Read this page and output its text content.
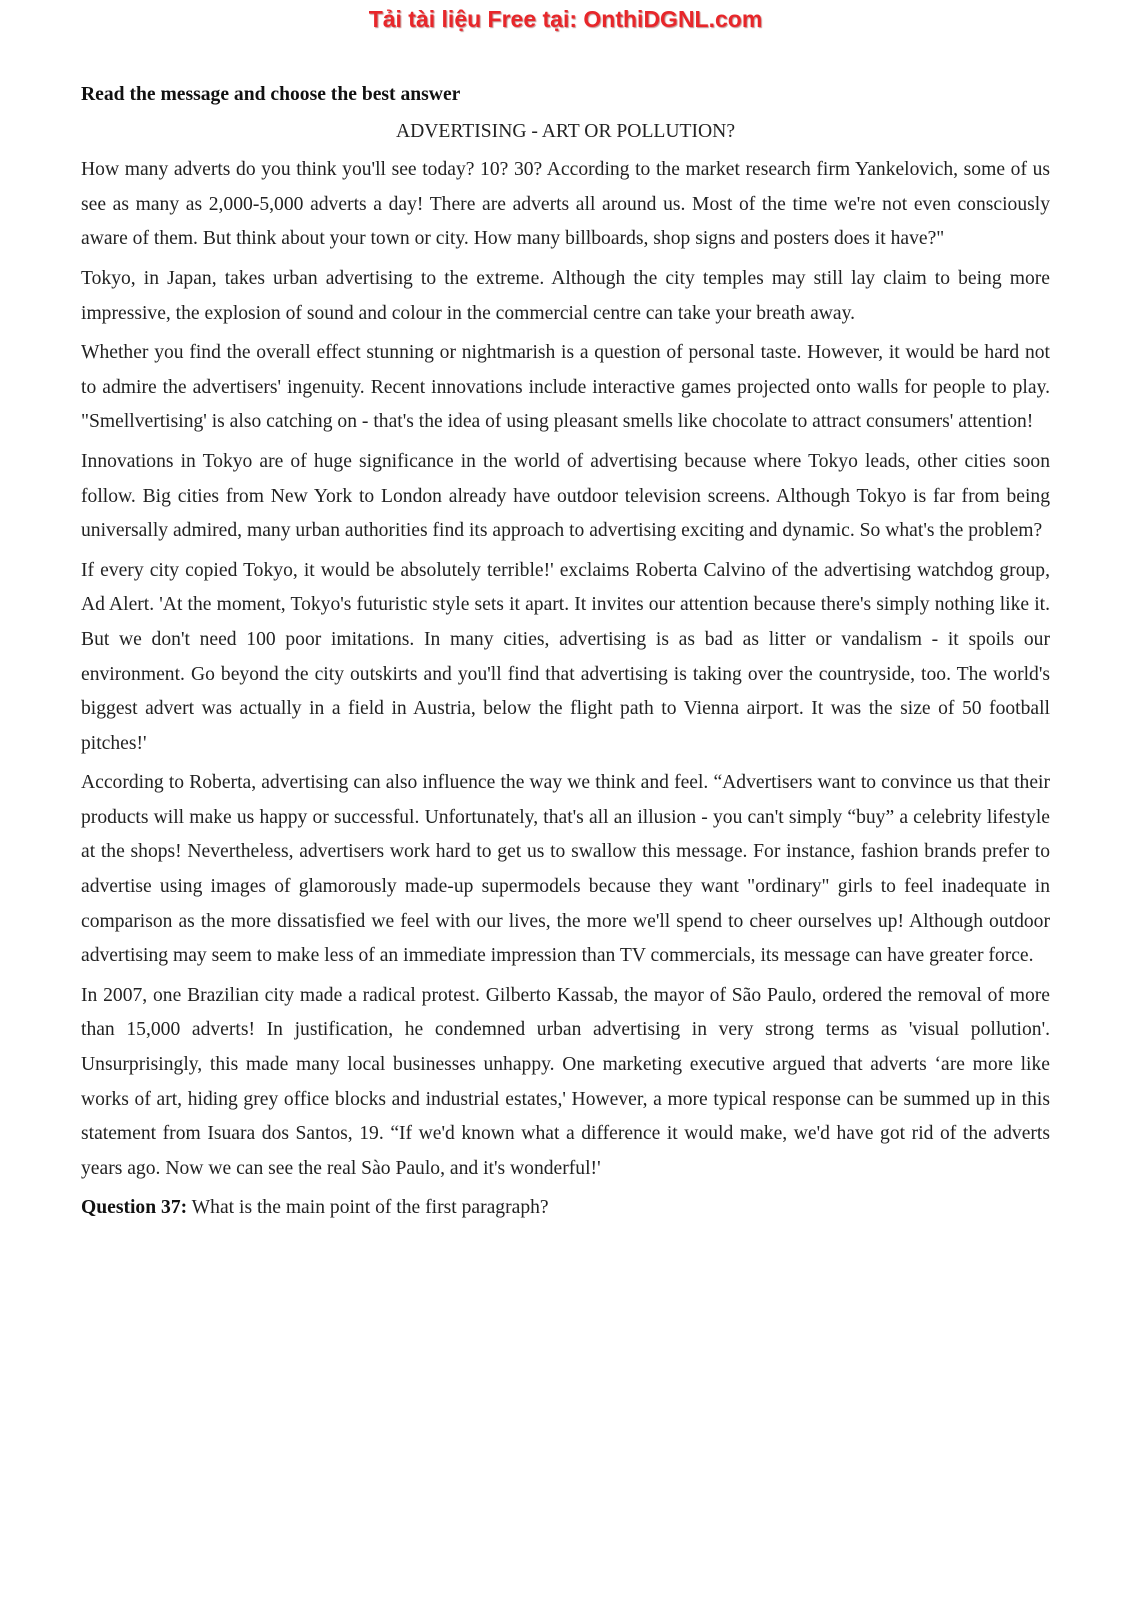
Tải tài liệu Free tại: OnthiDGNL.com

Read the message and choose the best answer

ADVERTISING - ART OR POLLUTION?

How many adverts do you think you'll see today? 10? 30? According to the market research firm Yankelovich, some of us see as many as 2,000-5,000 adverts a day! There are adverts all around us. Most of the time we're not even consciously aware of them. But think about your town or city. How many billboards, shop signs and posters does it have?"

Tokyo, in Japan, takes urban advertising to the extreme. Although the city temples may still lay claim to being more impressive, the explosion of sound and colour in the commercial centre can take your breath away.

Whether you find the overall effect stunning or nightmarish is a question of personal taste. However, it would be hard not to admire the advertisers' ingenuity. Recent innovations include interactive games projected onto walls for people to play. "Smellvertising' is also catching on - that's the idea of using pleasant smells like chocolate to attract consumers' attention!

Innovations in Tokyo are of huge significance in the world of advertising because where Tokyo leads, other cities soon follow. Big cities from New York to London already have outdoor television screens. Although Tokyo is far from being universally admired, many urban authorities find its approach to advertising exciting and dynamic. So what's the problem?

If every city copied Tokyo, it would be absolutely terrible!' exclaims Roberta Calvino of the advertising watchdog group, Ad Alert. 'At the moment, Tokyo's futuristic style sets it apart. It invites our attention because there's simply nothing like it. But we don't need 100 poor imitations. In many cities, advertising is as bad as litter or vandalism - it spoils our environment. Go beyond the city outskirts and you'll find that advertising is taking over the countryside, too. The world's biggest advert was actually in a field in Austria, below the flight path to Vienna airport. It was the size of 50 football pitches!'

According to Roberta, advertising can also influence the way we think and feel. “Advertisers want to convince us that their products will make us happy or successful. Unfortunately, that's all an illusion - you can't simply “buy” a celebrity lifestyle at the shops! Nevertheless, advertisers work hard to get us to swallow this message. For instance, fashion brands prefer to advertise using images of glamorously made-up supermodels because they want "ordinary" girls to feel inadequate in comparison as the more dissatisfied we feel with our lives, the more we'll spend to cheer ourselves up! Although outdoor advertising may seem to make less of an immediate impression than TV commercials, its message can have greater force.

In 2007, one Brazilian city made a radical protest. Gilberto Kassab, the mayor of São Paulo, ordered the removal of more than 15,000 adverts! In justification, he condemned urban advertising in very strong terms as 'visual pollution'. Unsurprisingly, this made many local businesses unhappy. One marketing executive argued that adverts ‘are more like works of art, hiding grey office blocks and industrial estates,' However, a more typical response can be summed up in this statement from Isuara dos Santos, 19. “If we'd known what a difference it would make, we'd have got rid of the adverts years ago. Now we can see the real Sào Paulo, and it's wonderful!'

Question 37: What is the main point of the first paragraph?
